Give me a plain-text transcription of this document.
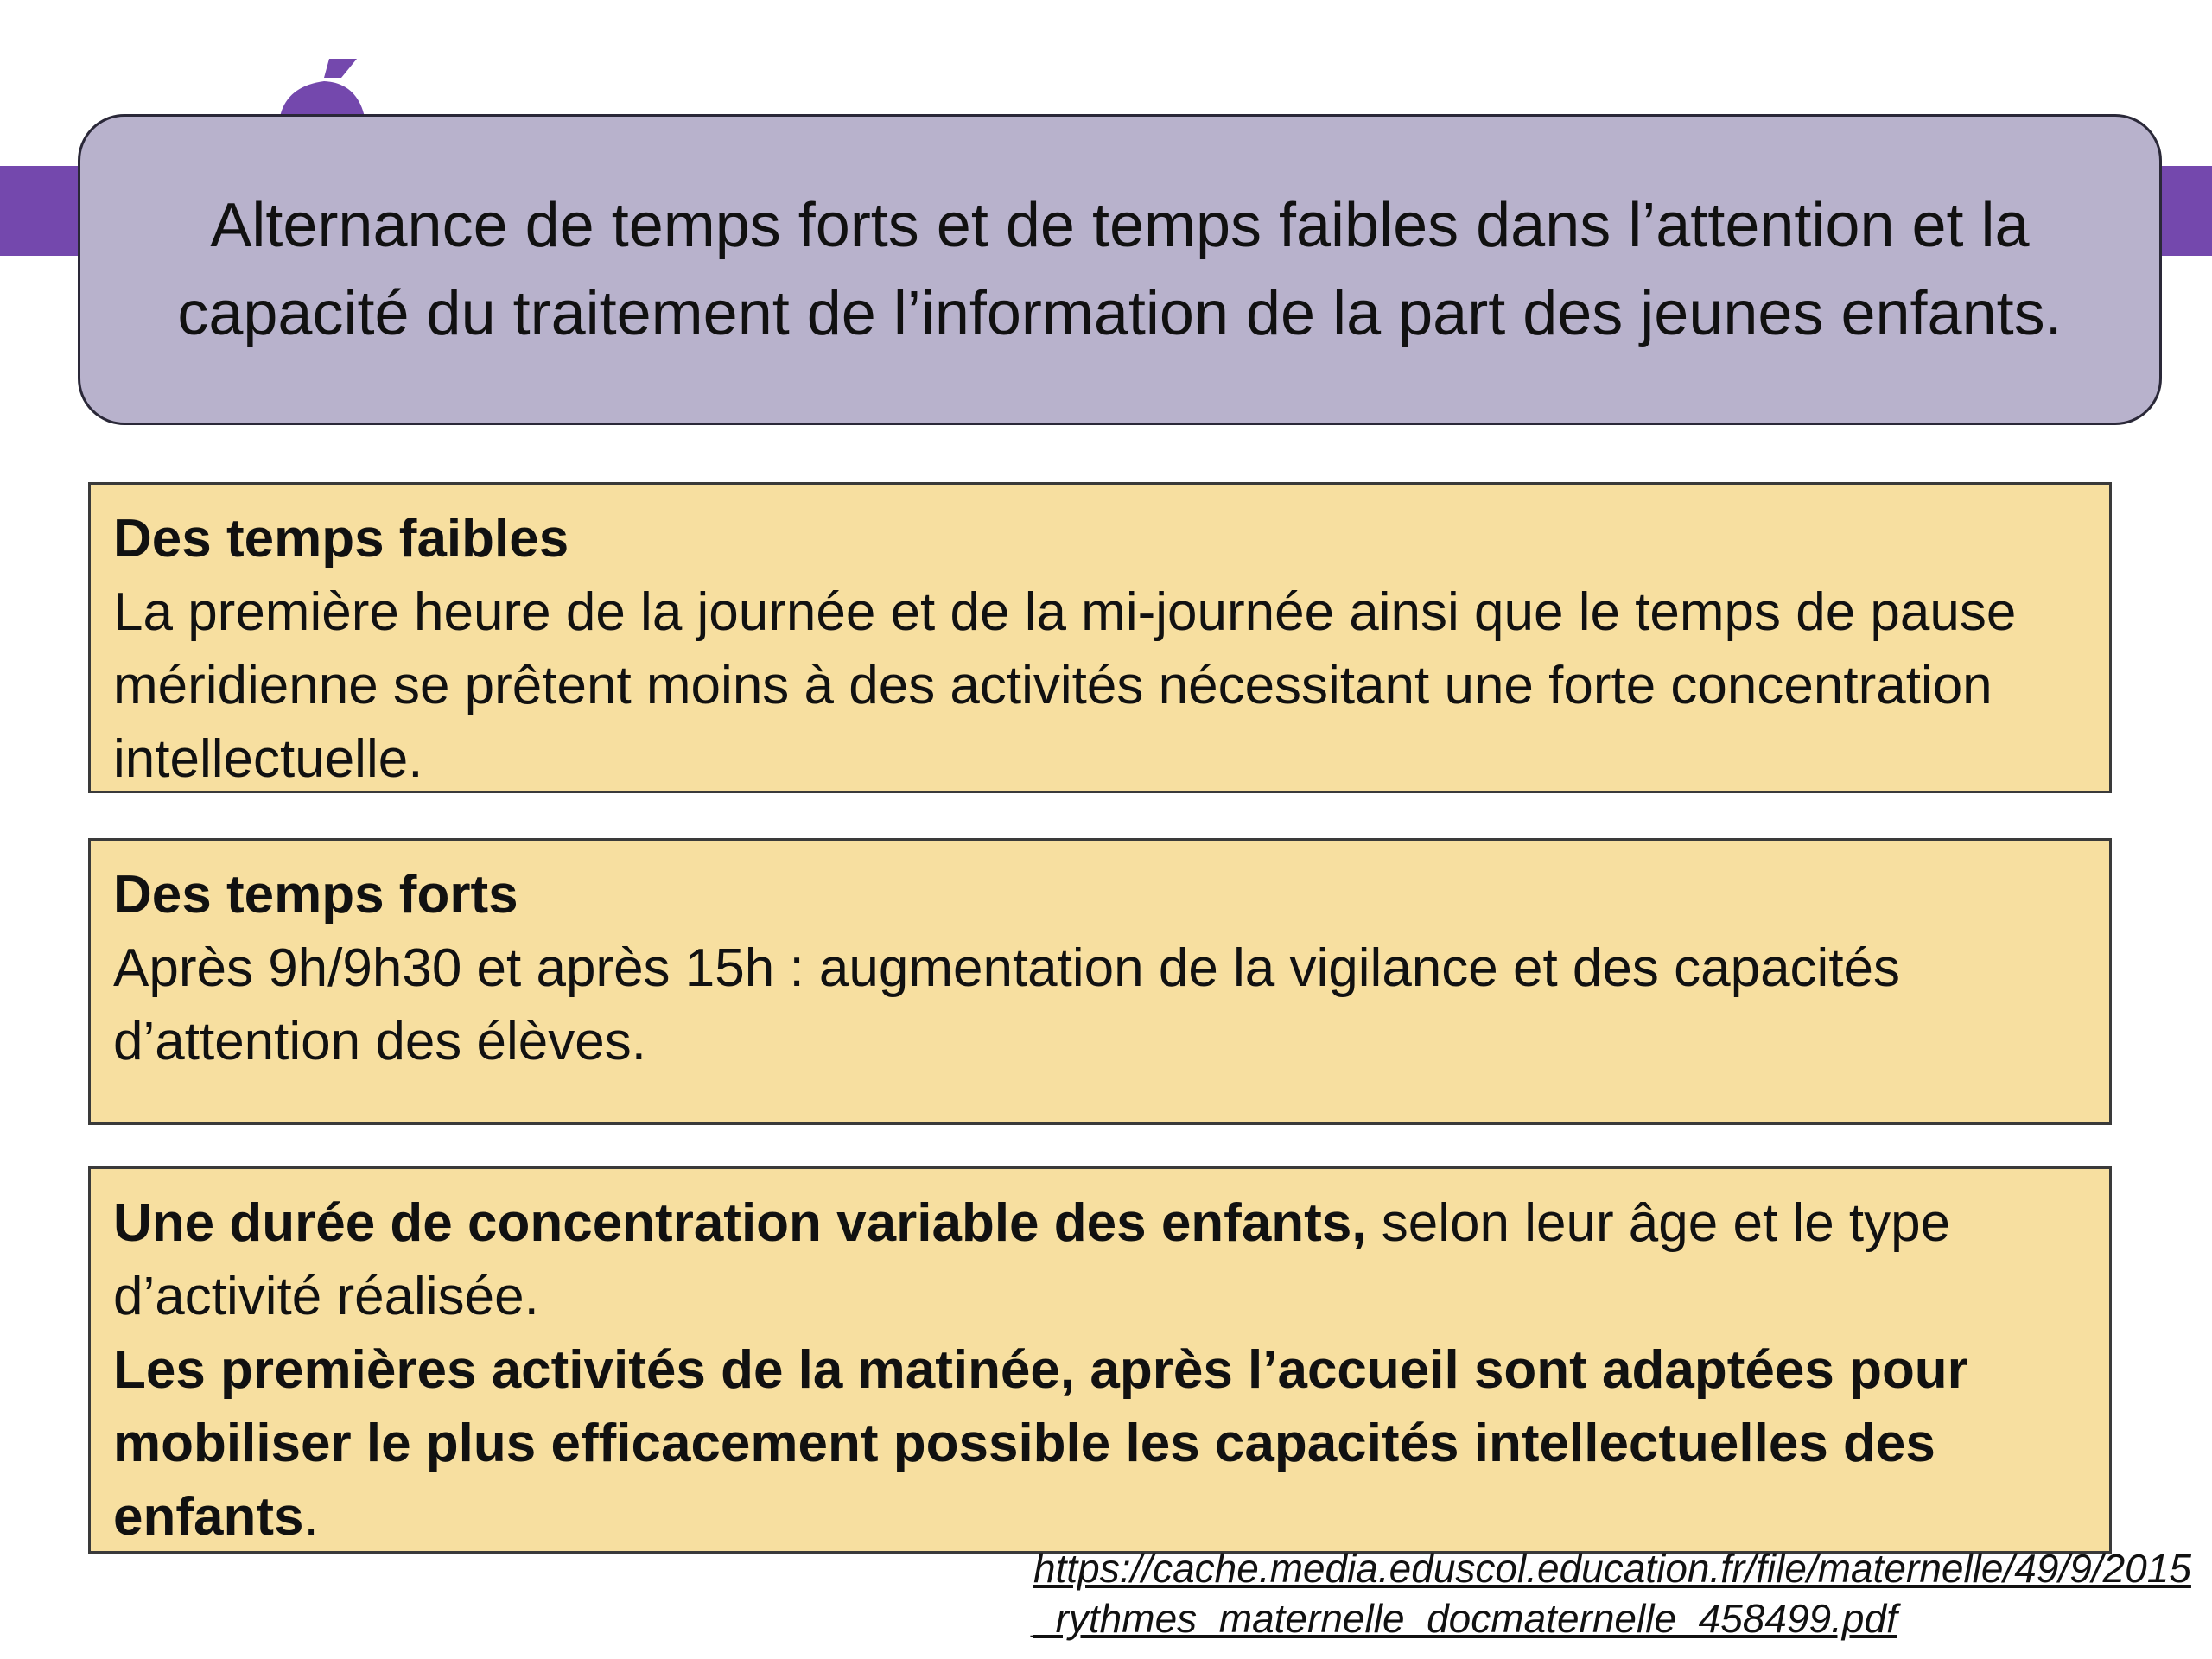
Alternance de temps forts et de temps faibles dans l’attention et la capacité du traitement de l’information de la part des jeunes enfants.
Des temps faibles
La première heure de la journée et de la mi-journée ainsi que le temps de pause méridienne se prêtent moins à des activités nécessitant une forte concentration intellectuelle.
Des temps forts
Après 9h/9h30 et après 15h : augmentation de la vigilance et des capacités d’attention des élèves.
Une durée de concentration variable des enfants, selon leur âge et le type d’activité réalisée.
Les premières activités de la matinée, après l’accueil sont adaptées pour mobiliser le plus efficacement possible les capacités intellectuelles des enfants.
https://cache.media.eduscol.education.fr/file/maternelle/49/9/2015_rythmes_maternelle_docmaternelle_458499.pdf
